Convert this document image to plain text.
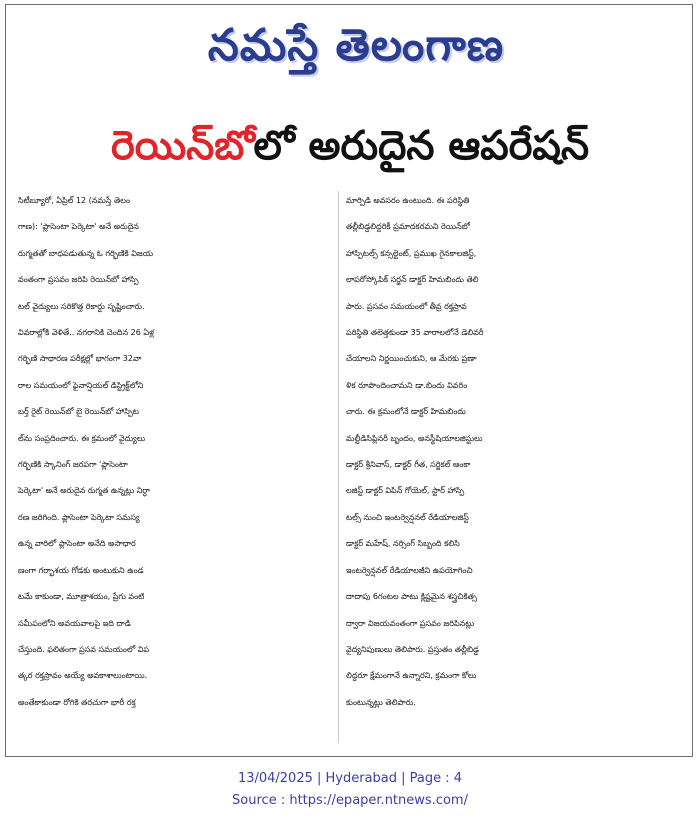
నమస్తే తెలంగాణ
రెయిన్‌బోలో అరుదైన ఆపరేషన్

సిటీబ్యూరో, ఏప్రిల్ 12 (నమస్తే తెలం

గాణ): 'ప్లాసెంటా పెర్కెటా' అనే అరుదైన

రుగ్మతతో బాధపడుతున్న ఓ గర్భిణికి విజయ

వంతంగా ప్రసవం జరిపి రెయిన్‌బో హాస్పి

టల్ వైద్యులు సరికొత్త రికార్డు సృష్టించారు.

వివరాల్లోకి వెళితే.. నగరానికి చెందిన 26 ఏళ్ల

గర్భిణి సాధారణ పరీక్షల్లో భాగంగా 32వా

రాల సమయంలో ఫైనాన్షియల్ డిస్ట్రిక్ట్‌లోని

బర్త్ రైట్ రెయిన్‌బో బై రెయిన్‌బో హాస్పిట

ల్‌ను సంప్రదించారు. ఈ క్రమంలో వైద్యులు

గర్భిణికి స్కానింగ్ జరపగా 'ప్లాసెంటా

పెర్కెటా' అనే అరుదైన రుగ్మత ఉన్నట్లు నిర్ధా

రణ జరిగింది. ప్లాసెంటా పెర్కెటా సమస్య

ఉన్న వారిలో ప్లాసెంటా అనేది అసాధార

ణంగా గర్భాశయ గోడకు అంటుకుని ఉండ

టమే కాకుండా, మూత్రాశయం, ప్రేగు వంటి

సమీపంలోని అవయవాలపై ఇది దాడి

చేస్తుంది. ఫలితంగా ప్రసవ సమయంలో విప

త్కర రక్తస్రావం అయ్యే అవకాశాలుంటాయి.

అంతేకాకుండా రోగికి తరచుగా భారీ రక్త

మార్పిడి అవసరం ఉంటుంది. ఈ పరిస్థితి

తల్లీబిడ్డలిద్దరికీ ప్రమాదకరమని రెయిన్‌బో

హాస్పిటల్స్ కన్సల్టెంట్, ప్రముఖ గైనకాలజిస్ట్,

లాపరోస్కోపిక్ సర్జన్ డాక్టర్ హిమబిందు తెలి

పారు. ప్రసవం సమయంలో తీవ్ర రక్తస్రావ

పరిస్థితి తలెత్తకుండా 35 వారాలలోనే డెలివరీ

చేయాలని నిర్ణయించుకుని, ఆ మేరకు ప్రణా

ళిక రూపొందించామని డా.బిందు వివరిం

చారు. ఈ క్రమంలోనే డాక్టర్ హిమబిందు

మల్టీడిసిప్లినరీ బృందం, అనస్థీషియాలజిస్టులు

డాక్టర్ శ్రీనివాస్, డాక్టర్ గీత, సర్జికల్ ఆంకా

లజిస్ట్ డాక్టర్ విపిన్ గోయెల్, స్టార్ హాస్పి

టల్స్ నుంచి ఇంటర్వెన్షనల్ రేడియాలజిస్ట్

డాక్టర్ మహేష్, నర్సింగ్ సిబ్బంది కలిసి

ఇంటర్వెన్షనల్ రేడియాలజీని ఉపయోగించి

దాదాపు 6గంటల పాటు క్లిష్టమైన శస్త్రచికిత్స

ద్వారా విజయవంతంగా ప్రసవం జరిపినట్లు

వైద్యనిపుణులు తెలిపారు. ప్రస్తుతం తల్లీబిడ్డ

లిద్దరూ క్షేమంగానే ఉన్నారని, క్రమంగా కోలు

కుంటున్నట్లు తెలిపారు.

13/04/2025 | Hyderabad | Page : 4
Source : https://epaper.ntnews.com/
